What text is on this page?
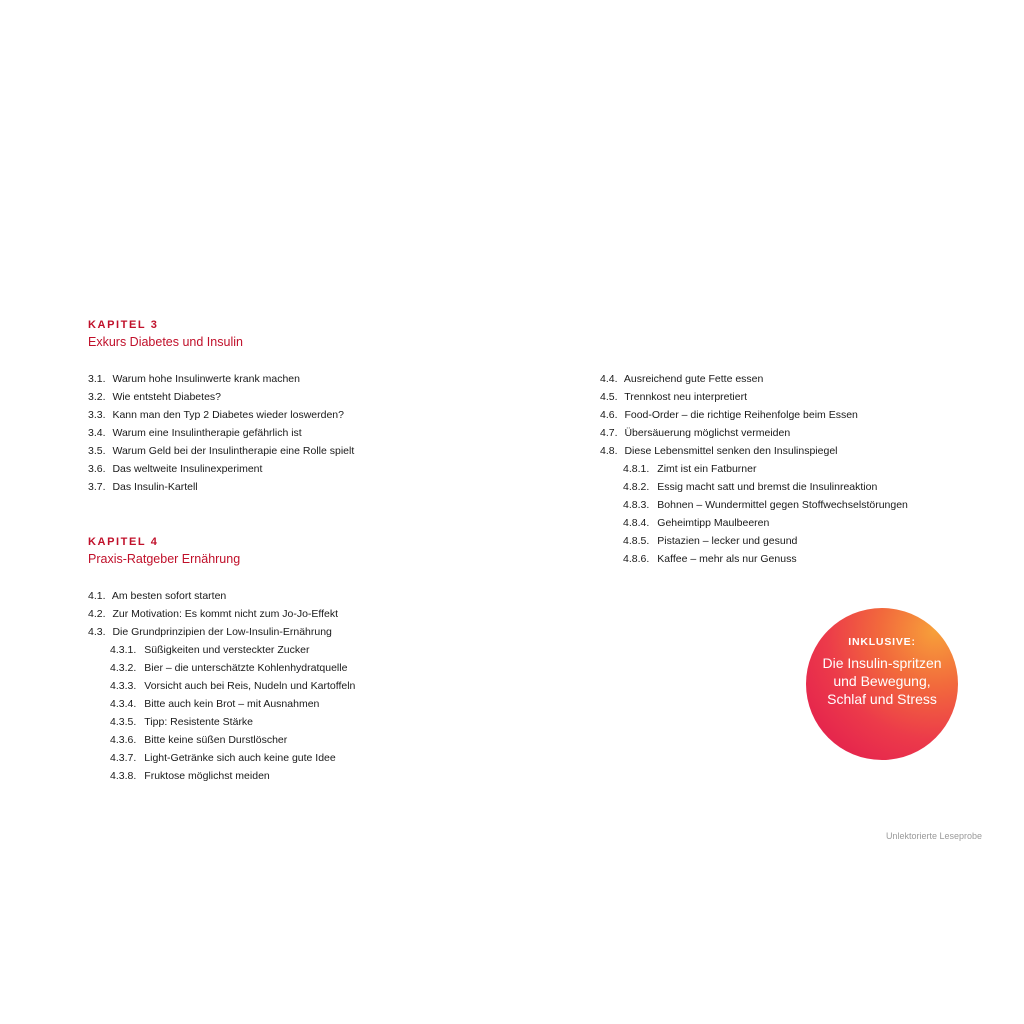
KAPITEL 3
Exkurs Diabetes und Insulin
3.1. Warum hohe Insulinwerte krank machen
3.2. Wie entsteht Diabetes?
3.3. Kann man den Typ 2 Diabetes wieder loswerden?
3.4. Warum eine Insulintherapie gefährlich ist
3.5. Warum Geld bei der Insulintherapie eine Rolle spielt
3.6. Das weltweite Insulinexperiment
3.7. Das Insulin-Kartell
KAPITEL 4
Praxis-Ratgeber Ernährung
4.1. Am besten sofort starten
4.2. Zur Motivation: Es kommt nicht zum Jo-Jo-Effekt
4.3. Die Grundprinzipien der Low-Insulin-Ernährung
4.3.1. Süßigkeiten und versteckter Zucker
4.3.2. Bier – die unterschätzte Kohlenhydratquelle
4.3.3. Vorsicht auch bei Reis, Nudeln und Kartoffeln
4.3.4. Bitte auch kein Brot – mit Ausnahmen
4.3.5. Tipp: Resistente Stärke
4.3.6. Bitte keine süßen Durstlöscher
4.3.7. Light-Getränke sich auch keine gute Idee
4.3.8. Fruktose möglichst meiden
4.4. Ausreichend gute Fette essen
4.5. Trennkost neu interpretiert
4.6. Food-Order – die richtige Reihenfolge beim Essen
4.7. Übersäuerung möglichst vermeiden
4.8. Diese Lebensmittel senken den Insulinspiegel
4.8.1. Zimt ist ein Fatburner
4.8.2. Essig macht satt und bremst die Insulinreaktion
4.8.3. Bohnen – Wundermittel gegen Stoffwechselstörungen
4.8.4. Geheimtipp Maulbeeren
4.8.5. Pistazien – lecker und gesund
4.8.6. Kaffee – mehr als nur Genuss
INKLUSIVE:
Die Insulin-spritzen und Bewegung, Schlaf und Stress
Unlektorierte Leseprobe
